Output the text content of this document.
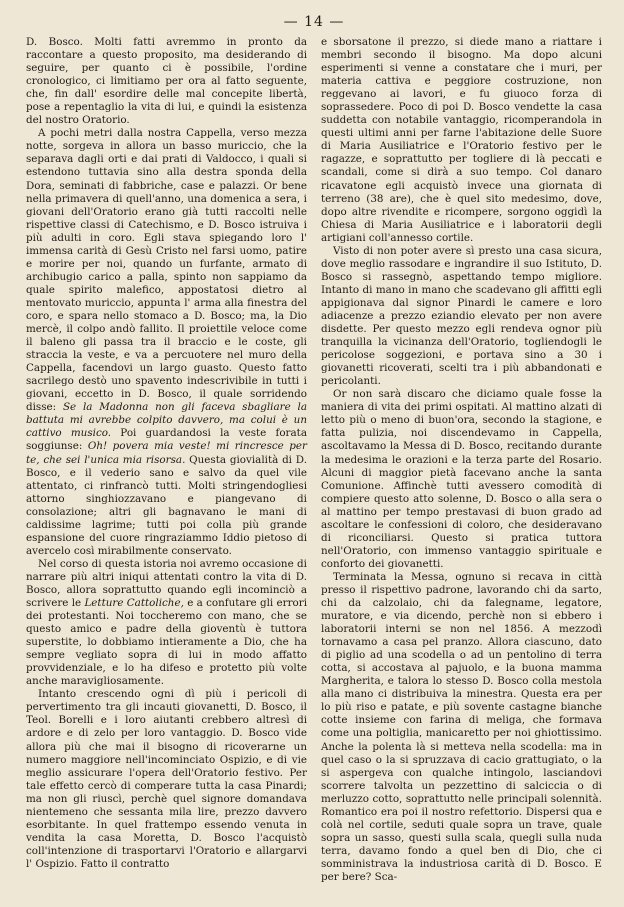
— 14 —

D. Bosco. Molti fatti avremmo in pronto da raccontare a questo proposito, ma desiderando di seguire, per quanto ci è possibile, l'ordine cronologico, ci limitiamo per ora al fatto seguente, che, fin dall' esordire delle mal concepite libertà, pose a repentaglio la vita di lui, e quindi la esistenza del nostro Oratorio.

A pochi metri dalla nostra Cappella, verso mezza notte, sorgeva in allora un basso muriccio, che la separava dagli orti e dai prati di Valdocco, i quali si estendono tuttavia sino alla destra sponda della Dora, seminati di fabbriche, case e palazzi. Or bene nella primavera di quell'anno, una domenica a sera, i giovani dell'Oratorio erano già tutti raccolti nelle rispettive classi di Catechismo, e D. Bosco istruiva i più adulti in coro. Egli stava spiegando loro l' immensa carità di Gesù Cristo nel farsi uomo, patire e morire per noi, quando un furfante, armato di archibugio carico a palla, spinto non sappiamo da quale spirito malefico, appostatosi dietro al mentovato muriccio, appunta l' arma alla finestra del coro, e spara nello stomaco a D. Bosco; ma, la Dio mercè, il colpo andò fallito. Il proiettile veloce come il baleno gli passa tra il braccio e le coste, gli straccia la veste, e va a percuotere nel muro della Cappella, facendovi un largo guasto. Questo fatto sacrilego destò uno spavento indescrivibile in tutti i giovani, eccetto in D. Bosco, il quale sorridendo disse: Se la Madonna non gli faceva sbagliare la battuta mi avrebbe colpito davvero, ma colui è un cattivo musico. Poi guardandosi la veste forata soggiunse: Oh! povera mia veste! mi rincresce per te, che sei l'unica mia risorsa. Questa giovialità di D. Bosco, e il vederio sano e salvo da quel vile attentato, ci rinfrancò tutti. Molti stringendogliesi attorno singhiozzavano e piangevano di consolazione; altri gli bagnavano le mani di caldissime lagrime; tutti poi colla più grande espansione del cuore ringraziammo Iddio pietoso di avercelo così mirabilmente conservato.

Nel corso di questa istoria noi avremo occasione di narrare più altri iniqui attentati contro la vita di D. Bosco, allora soprattutto quando egli incominciò a scrivere le Letture Cattoliche, e a confutare gli errori dei protestanti. Noi toccheremo con mano, che se questo amico e padre della gioventù è tuttora superstite, lo dobbiamo intieramente a Dio, che ha sempre vegliato sopra di lui in modo affatto provvidenziale, e lo ha difeso e protetto più volte anche maravigliosamente.

Intanto crescendo ogni dì più i pericoli di pervertimento tra gli incauti giovanetti, D. Bosco, il Teol. Borelli e i loro aiutanti crebbero altresì di ardore e di zelo per loro vantaggio. D. Bosco vide allora più che mai il bisogno di ricoverarne un numero maggiore nell'incominciato Ospizio, e di vie meglio assicurare l'opera dell'Oratorio festivo. Per tale effetto cercò di comperare tutta la casa Pinardi; ma non gli riuscì, perchè quel signore domandava nientemeno che sessanta mila lire, prezzo davvero esorbitante. In quel frattempo essendo venuta in vendita la casa Moretta, D. Bosco l'acquistò coll'intenzione di trasportarvi l'Oratorio e allargarvi l' Ospizio. Fatto il contratto

e sborsatone il prezzo, si diede mano a riattare i membri secondo il bisogno. Ma dopo alcuni esperimenti si venne a constatare che i muri, per materia cattiva e peggiore costruzione, non reggevano ai lavori, e fu giuoco forza di soprassedere. Poco di poi D. Bosco vendette la casa suddetta con notabile vantaggio, ricomperandola in questi ultimi anni per farne l'abitazione delle Suore di Maria Ausiliatrice e l'Oratorio festivo per le ragazze, e soprattutto per togliere di là peccati e scandali, come si dirà a suo tempo. Col danaro ricavatone egli acquistò invece una giornata di terreno (38 are), che è quel sito medesimo, dove, dopo altre rivendite e ricompere, sorgono oggidì la Chiesa di Maria Ausiliatrice e i laboratorii degli artigiani coll'annesso cortile.

Visto di non poter avere sì presto una casa sicura, dove meglio rassodare e ingrandire il suo Istituto, D. Bosco si rassegnò, aspettando tempo migliore. Intanto di mano in mano che scadevano gli affitti egli appigionava dal signor Pinardi le camere e loro adiacenze a prezzo eziandio elevato per non avere disdette. Per questo mezzo egli rendeva ognor più tranquilla la vicinanza dell'Oratorio, togliendogli le pericolose soggezioni, e portava sino a 30 i giovanetti ricoverati, scelti tra i più abbandonati e pericolanti.

Or non sarà discaro che diciamo quale fosse la maniera di vita dei primi ospitati. Al mattino alzati di letto più o meno di buon'ora, secondo la stagione, e fatta pulizia, noi discendevamo in Cappella, ascoltavamo la Messa di D. Bosco, recitando durante la medesima le orazioni e la terza parte del Rosario. Alcuni di maggior pietà facevano anche la santa Comunione. Affinchè tutti avessero comodità di compiere questo atto solenne, D. Bosco o alla sera o al mattino per tempo prestavasi di buon grado ad ascoltare le confessioni di coloro, che desideravano di riconciliarsi. Questo si pratica tuttora nell'Oratorio, con immenso vantaggio spirituale e conforto dei giovanetti.

Terminata la Messa, ognuno si recava in città presso il rispettivo padrone, lavorando chi da sarto, chi da calzolaio, chi da falegname, legatore, muratore, e via dicendo, perchè non si ebbero i laboratorii interni se non nel 1856. A mezzodì tornavamo a casa pel pranzo. Allora ciascuno, dato di piglio ad una scodella o ad un pentolino di terra cotta, si accostava al pajuolo, e la buona mamma Margherita, e talora lo stesso D. Bosco colla mestola alla mano ci distribuiva la minestra. Questa era per lo più riso e patate, e più sovente castagne bianche cotte insieme con farina di meliga, che formava come una poltiglia, manicaretto per noi ghiottissimo. Anche la polenta là si metteva nella scodella: ma in quel caso o la si spruzzava di cacio grattugiato, o la si aspergeva con qualche intingolo, lasciandovi scorrere talvolta un pezzettino di salciccia o di merluzzo cotto, soprattutto nelle principali solennità. Romantico era poi il nostro refettorio. Dispersi qua e colà nel cortile, seduti quale sopra un trave, quale sopra un sasso, questi sulla scala, quegli sulla nuda terra, davamo fondo a quel ben di Dio, che ci somministrava la industriosa carità di D. Bosco. E per bere? Sca-
